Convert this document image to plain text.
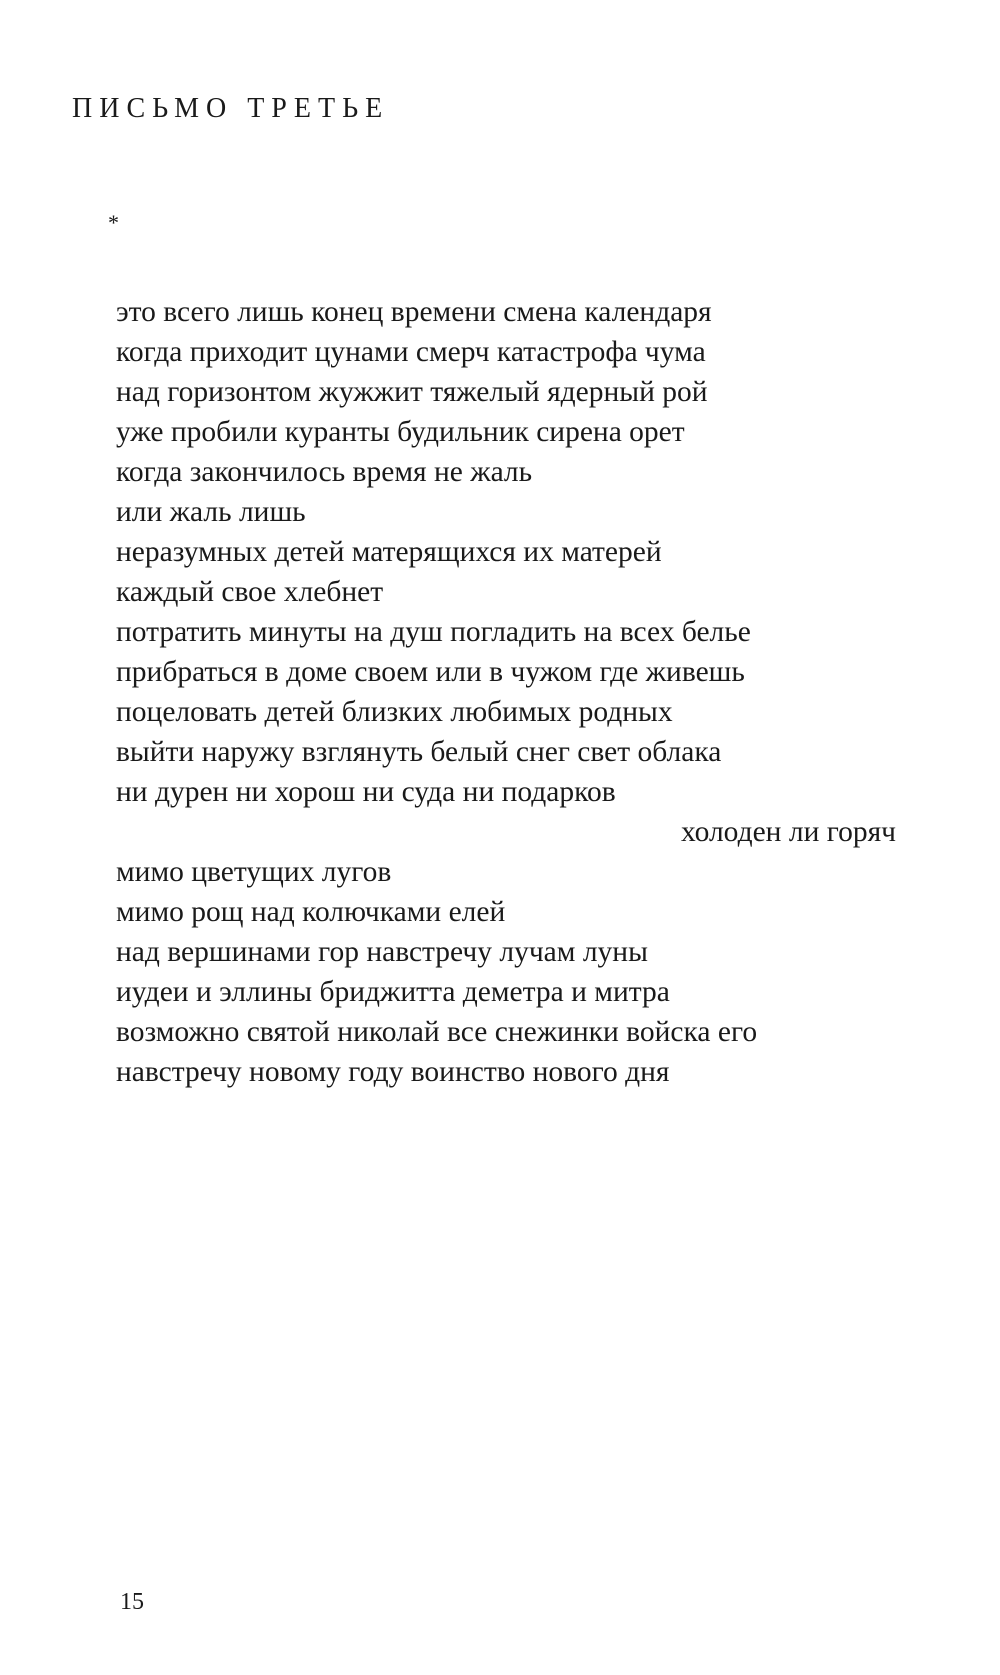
ПИСЬМО ТРЕТЬЕ
*
это всего лишь конец времени смена календаря
когда приходит цунами смерч катастрофа чума
над горизонтом жужжит тяжелый ядерный рой
уже пробили куранты будильник сирена орет
когда закончилось время не жаль
или жаль лишь
неразумных детей матерящихся их матерей
каждый свое хлебнет
потратить минуты на душ погладить на всех белье
прибраться в доме своем или в чужом где живешь
поцеловать детей близких любимых родных
выйти наружу взглянуть белый снег свет облака
ни дурен ни хорош ни суда ни подарков
холоден ли горяч
мимо цветущих лугов
мимо рощ над колючками елей
над вершинами гор навстречу лучам луны
иудеи и эллины бриджитта деметра и митра
возможно святой николай все снежинки войска его
навстречу новому году воинство нового дня
15
